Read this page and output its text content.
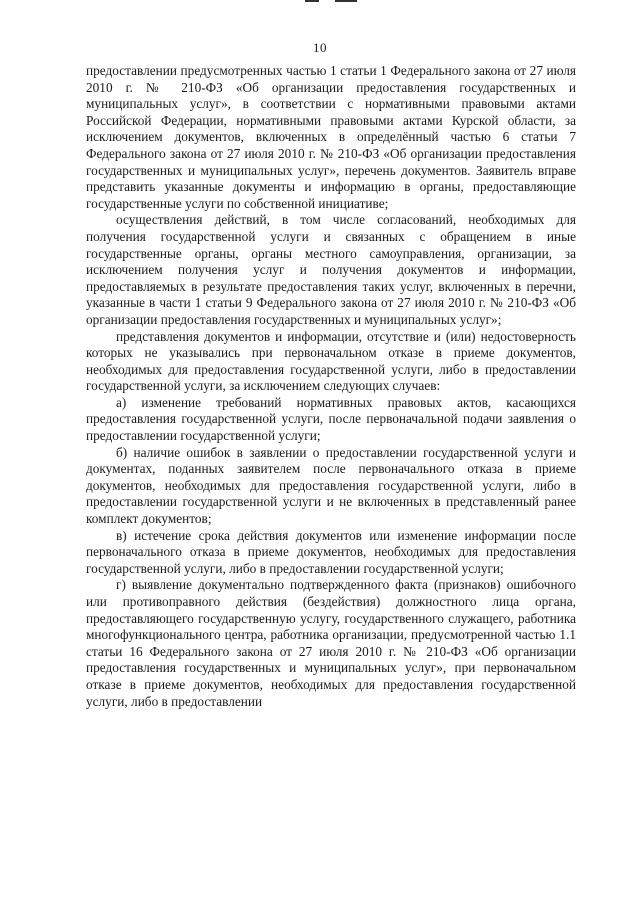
10

предоставлении предусмотренных частью 1 статьи 1 Федерального закона от 27 июля 2010 г. № 210-ФЗ «Об организации предоставления государственных и муниципальных услуг», в соответствии с нормативными правовыми актами Российской Федерации, нормативными правовыми актами Курской области, за исключением документов, включенных в определённый частью 6 статьи 7 Федерального закона от 27 июля 2010 г. № 210-ФЗ «Об организации предоставления государственных и муниципальных услуг», перечень документов. Заявитель вправе представить указанные документы и информацию в органы, предоставляющие государственные услуги по собственной инициативе;

осуществления действий, в том числе согласований, необходимых для получения государственной услуги и связанных с обращением в иные государственные органы, органы местного самоуправления, организации, за исключением получения услуг и получения документов и информации, предоставляемых в результате предоставления таких услуг, включенных в перечни, указанные в части 1 статьи 9 Федерального закона от 27 июля 2010 г. № 210-ФЗ «Об организации предоставления государственных и муниципальных услуг»;

представления документов и информации, отсутствие и (или) недостоверность которых не указывались при первоначальном отказе в приеме документов, необходимых для предоставления государственной услуги, либо в предоставлении государственной услуги, за исключением следующих случаев:

а) изменение требований нормативных правовых актов, касающихся предоставления государственной услуги, после первоначальной подачи заявления о предоставлении государственной услуги;

б) наличие ошибок в заявлении о предоставлении государственной услуги и документах, поданных заявителем после первоначального отказа в приеме документов, необходимых для предоставления государственной услуги, либо в предоставлении государственной услуги и не включенных в представленный ранее комплект документов;

в) истечение срока действия документов или изменение информации после первоначального отказа в приеме документов, необходимых для предоставления государственной услуги, либо в предоставлении государственной услуги;

г) выявление документально подтвержденного факта (признаков) ошибочного или противоправного действия (бездействия) должностного лица органа, предоставляющего государственную услугу, государственного служащего, работника многофункционального центра, работника организации, предусмотренной частью 1.1 статьи 16 Федерального закона от 27 июля 2010 г. № 210-ФЗ «Об организации предоставления государственных и муниципальных услуг», при первоначальном отказе в приеме документов, необходимых для предоставления государственной услуги, либо в предоставлении
